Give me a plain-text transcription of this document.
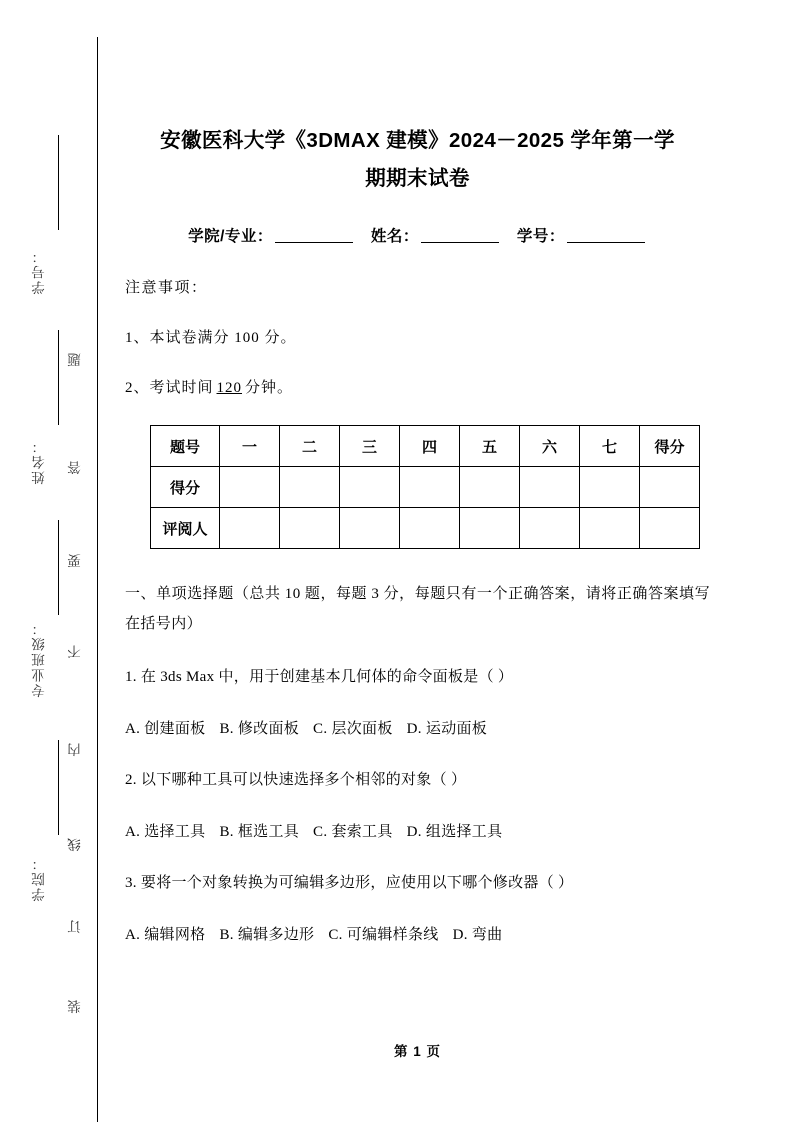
学号：
姓名：
专业班级：
学院：
题
答
要
不
内
线
订
装
安徽医科大学《3DMAX 建模》2024－2025 学年第一学
期期末试卷
学院/专业：	姓名：	学号：
注意事项：
1、本试卷满分 100 分。
2、考试时间 120 分钟。
题号	一	二	三	四	五	六	七	得分
得分								
评阅人								
一、单项选择题（总共 10 题，每题 3 分，每题只有一个正确答案，请将正确答案填写在括号内）
1. 在 3ds Max 中，用于创建基本几何体的命令面板是（ ）
A. 创建面板 B. 修改面板 C. 层次面板 D. 运动面板
2. 以下哪种工具可以快速选择多个相邻的对象（ ）
A. 选择工具 B. 框选工具 C. 套索工具 D. 组选择工具
3. 要将一个对象转换为可编辑多边形，应使用以下哪个修改器（ ）
A. 编辑网格 B. 编辑多边形 C. 可编辑样条线 D. 弯曲
第 1 页
